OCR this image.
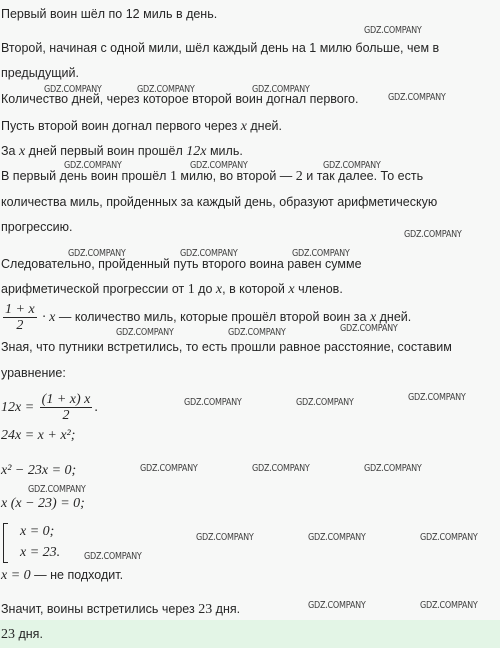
Первый воин шёл по 12 миль в день.
Второй, начиная с одной мили, шёл каждый день на 1 милю больше, чем в
предыдущий.
Количество дней, через которое второй воин догнал первого.
Пусть второй воин догнал первого через x дней.
За x дней первый воин прошёл 12x миль.
В первый день воин прошёл 1 милю, во второй — 2 и так далее. То есть
количества миль, пройденных за каждый день, образуют арифметическую
прогрессию.
Следовательно, пройденный путь второго воина равен сумме
арифметической прогрессии от 1 до x, в которой x членов.
$\frac{1 + x}{2} \cdot x$ — количество миль, которые прошёл второй воин за x дней.
Зная, что путники встретились, то есть прошли равное расстояние, составим
уравнение:
$12x = \frac{(1 + x) x}{2}$ .
24x = x + x²;
x² − 23x = 0;
x (x − 23) = 0;
x = 0;
x = 23.
x = 0 — не подходит.
Значит, воины встретились через 23 дня.
23 дня.
GDZ.COMPANY
GDZ.COMPANY	GDZ.COMPANY	GDZ.COMPANY
GDZ.COMPANY
GDZ.COMPANY	GDZ.COMPANY	GDZ.COMPANY
GDZ.COMPANY
GDZ.COMPANY	GDZ.COMPANY	GDZ.COMPANY
GDZ.COMPANY	GDZ.COMPANY	GDZ.COMPANY
GDZ.COMPANY	GDZ.COMPANY	GDZ.COMPANY
GDZ.COMPANY	GDZ.COMPANY	GDZ.COMPANY
GDZ.COMPANY
GDZ.COMPANY	GDZ.COMPANY	GDZ.COMPANY
GDZ.COMPANY
GDZ.COMPANY	GDZ.COMPANY
